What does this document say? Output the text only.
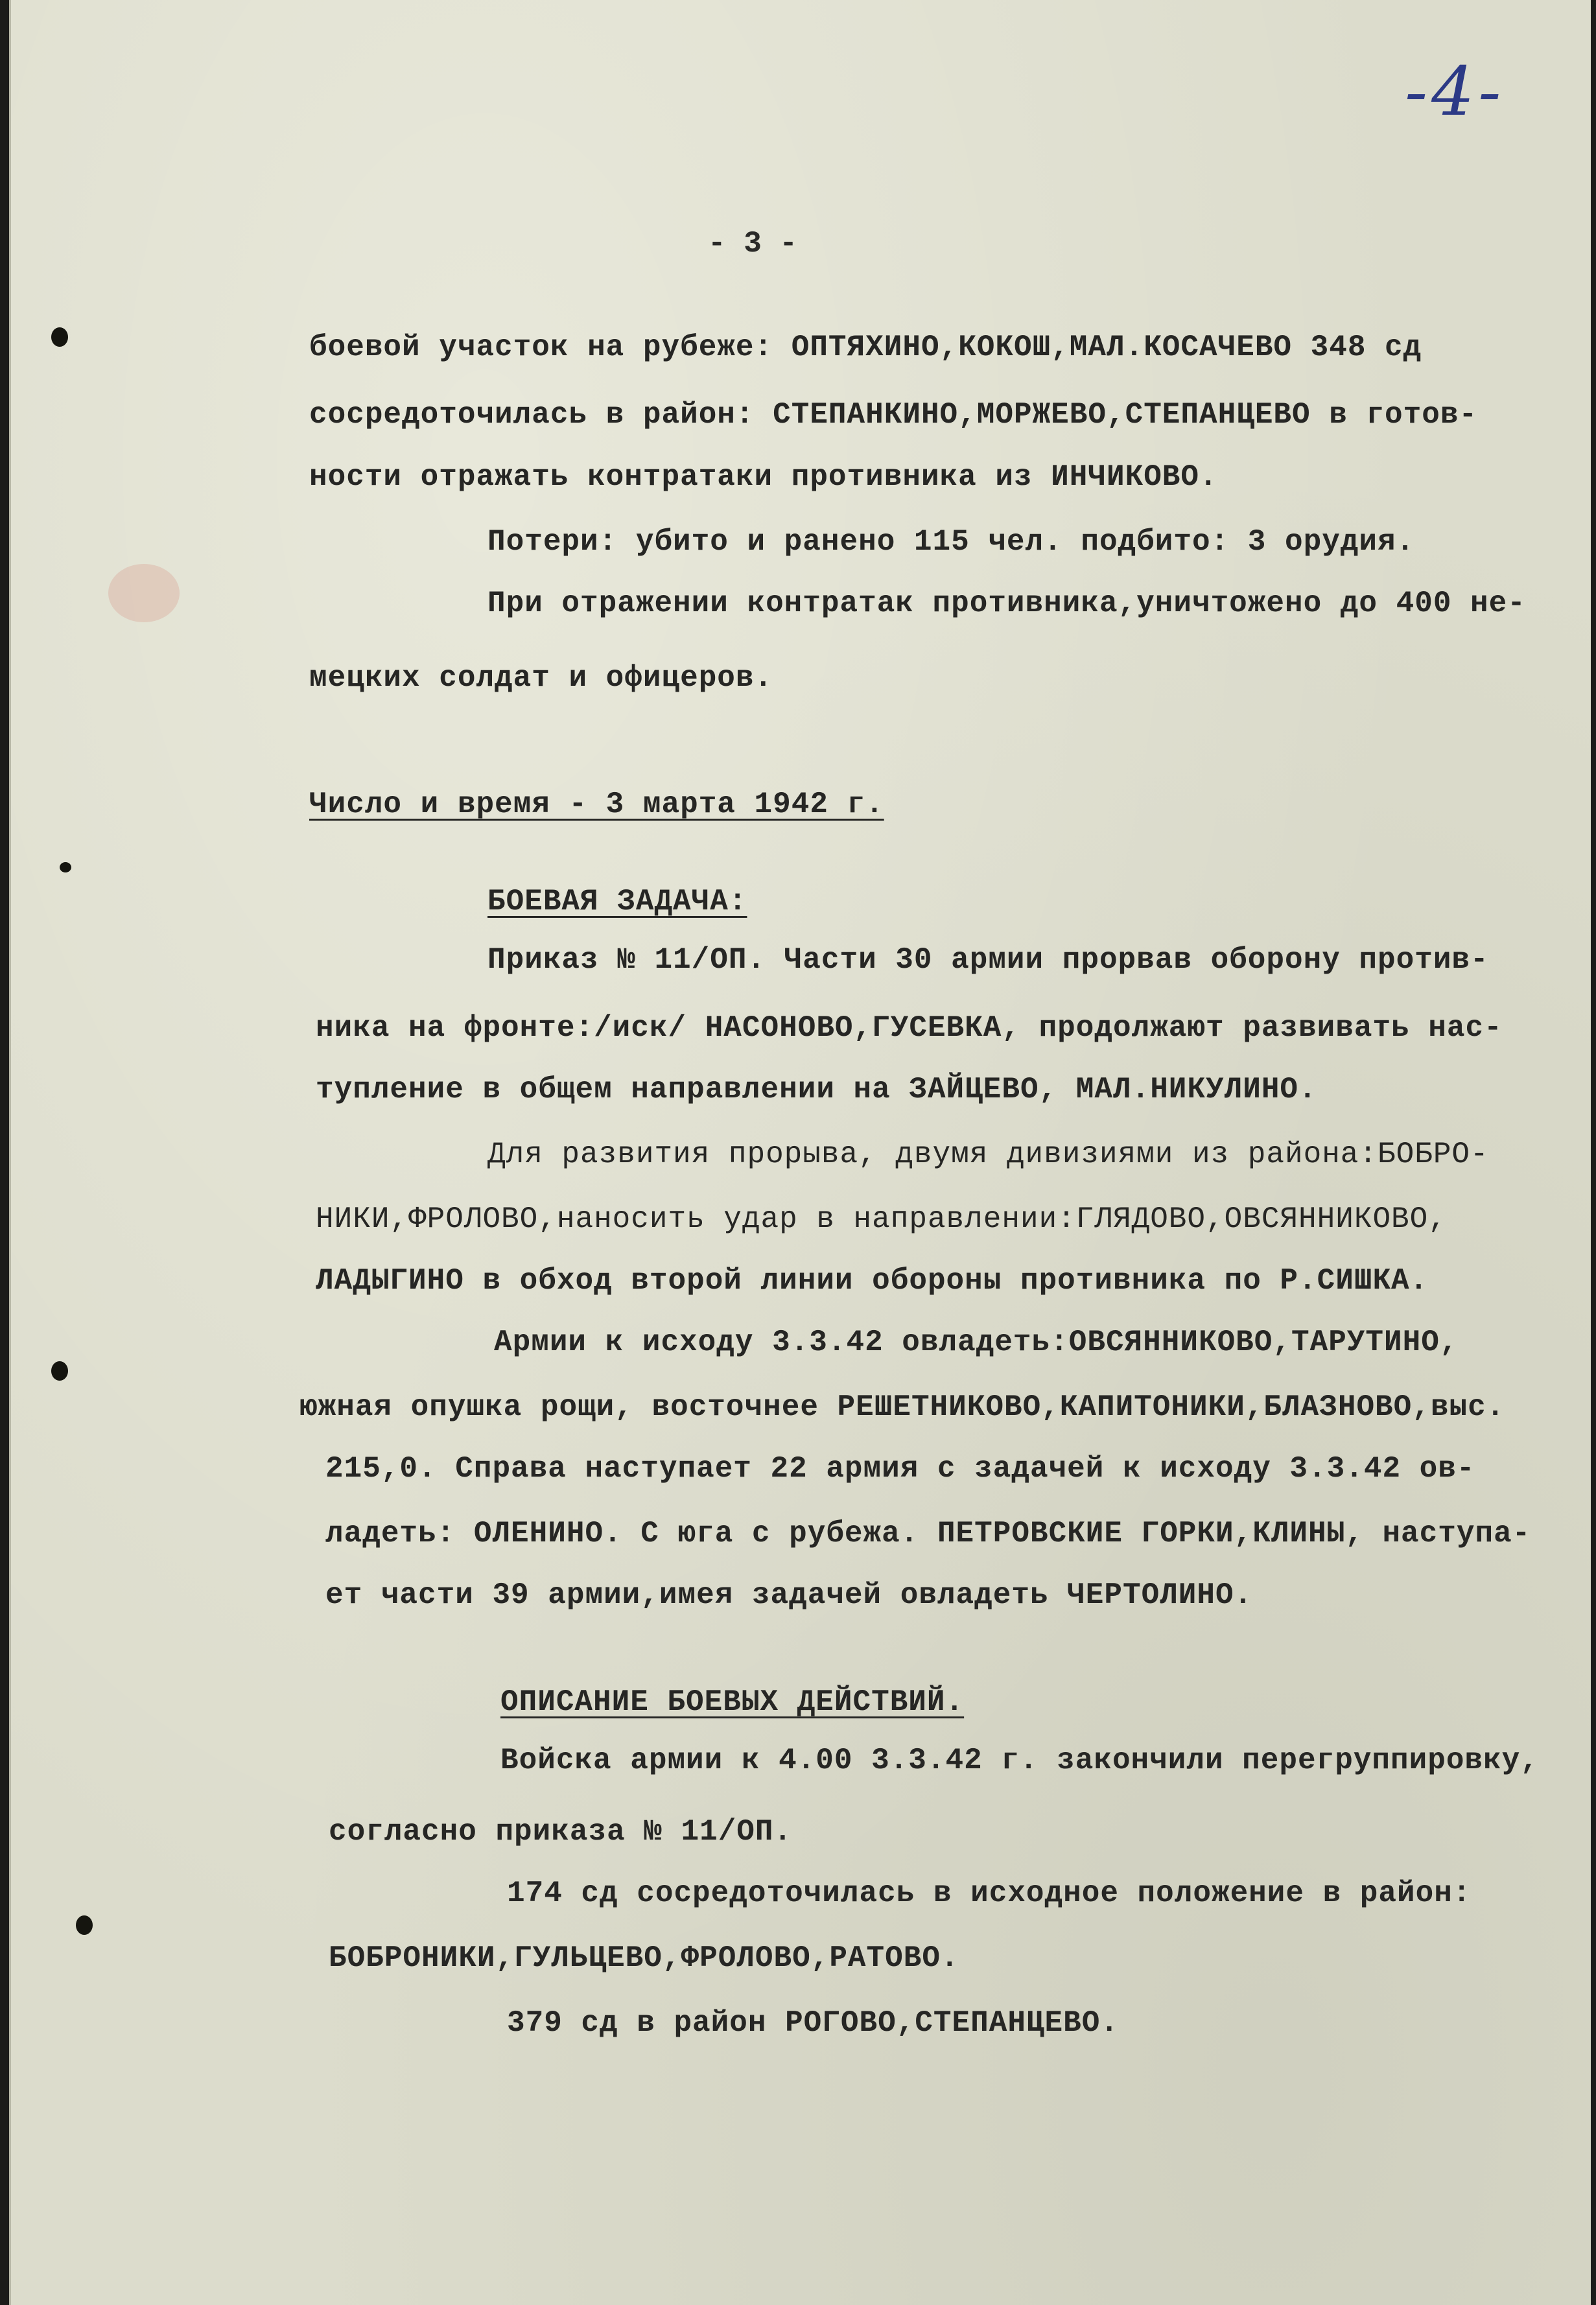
-4-
- 3 -
боевой участок на рубеже: ОПТЯХИНО,КОКОШ,МАЛ.КОСАЧЕВО 348 сд
сосредоточилась в район: СТЕПАНКИНО,МОРЖЕВО,СТЕПАНЦЕВО в готов-
ности отражать контратаки противника из ИНЧИКОВО.
Потери: убито и ранено 115 чел. подбито: 3 орудия.
При отражении контратак противника,уничтожено до 400 не-
мецких солдат и офицеров.
Число и время - 3 марта 1942 г.
БОЕВАЯ ЗАДАЧА:
Приказ № 11/ОП. Части 30 армии прорвав оборону против-
ника на фронте:/иск/ НАСОНОВО,ГУСЕВКА, продолжают развивать нас-
тупление в общем направлении на ЗАЙЦЕВО, МАЛ.НИКУЛИНО.
Для развития прорыва, двумя дивизиями из района:БОБРО-
НИКИ,ФРОЛОВО,наносить удар в направлении:ГЛЯДОВО,ОВСЯННИКОВО,
ЛАДЫГИНО в обход второй линии обороны противника по Р.СИШКА.
Армии к исходу 3.3.42 овладеть:ОВСЯННИКОВО,ТАРУТИНО,
южная опушка рощи, восточнее РЕШЕТНИКОВО,КАПИТОНИКИ,БЛАЗНОВО,выс.
215,0. Справа наступает 22 армия с задачей к исходу 3.3.42 ов-
ладеть: ОЛЕНИНО. С юга с рубежа. ПЕТРОВСКИЕ ГОРКИ,КЛИНЫ, наступа-
ет части 39 армии,имея задачей овладеть ЧЕРТОЛИНО.
ОПИСАНИЕ БОЕВЫХ ДЕЙСТВИЙ.
Войска армии к 4.00 3.3.42 г. закончили перегруппировку,
согласно приказа № 11/ОП.
174 сд сосредоточилась в исходное положение в район:
БОБРОНИКИ,ГУЛЬЦЕВО,ФРОЛОВО,РАТОВО.
379 сд в район РОГОВО,СТЕПАНЦЕВО.
